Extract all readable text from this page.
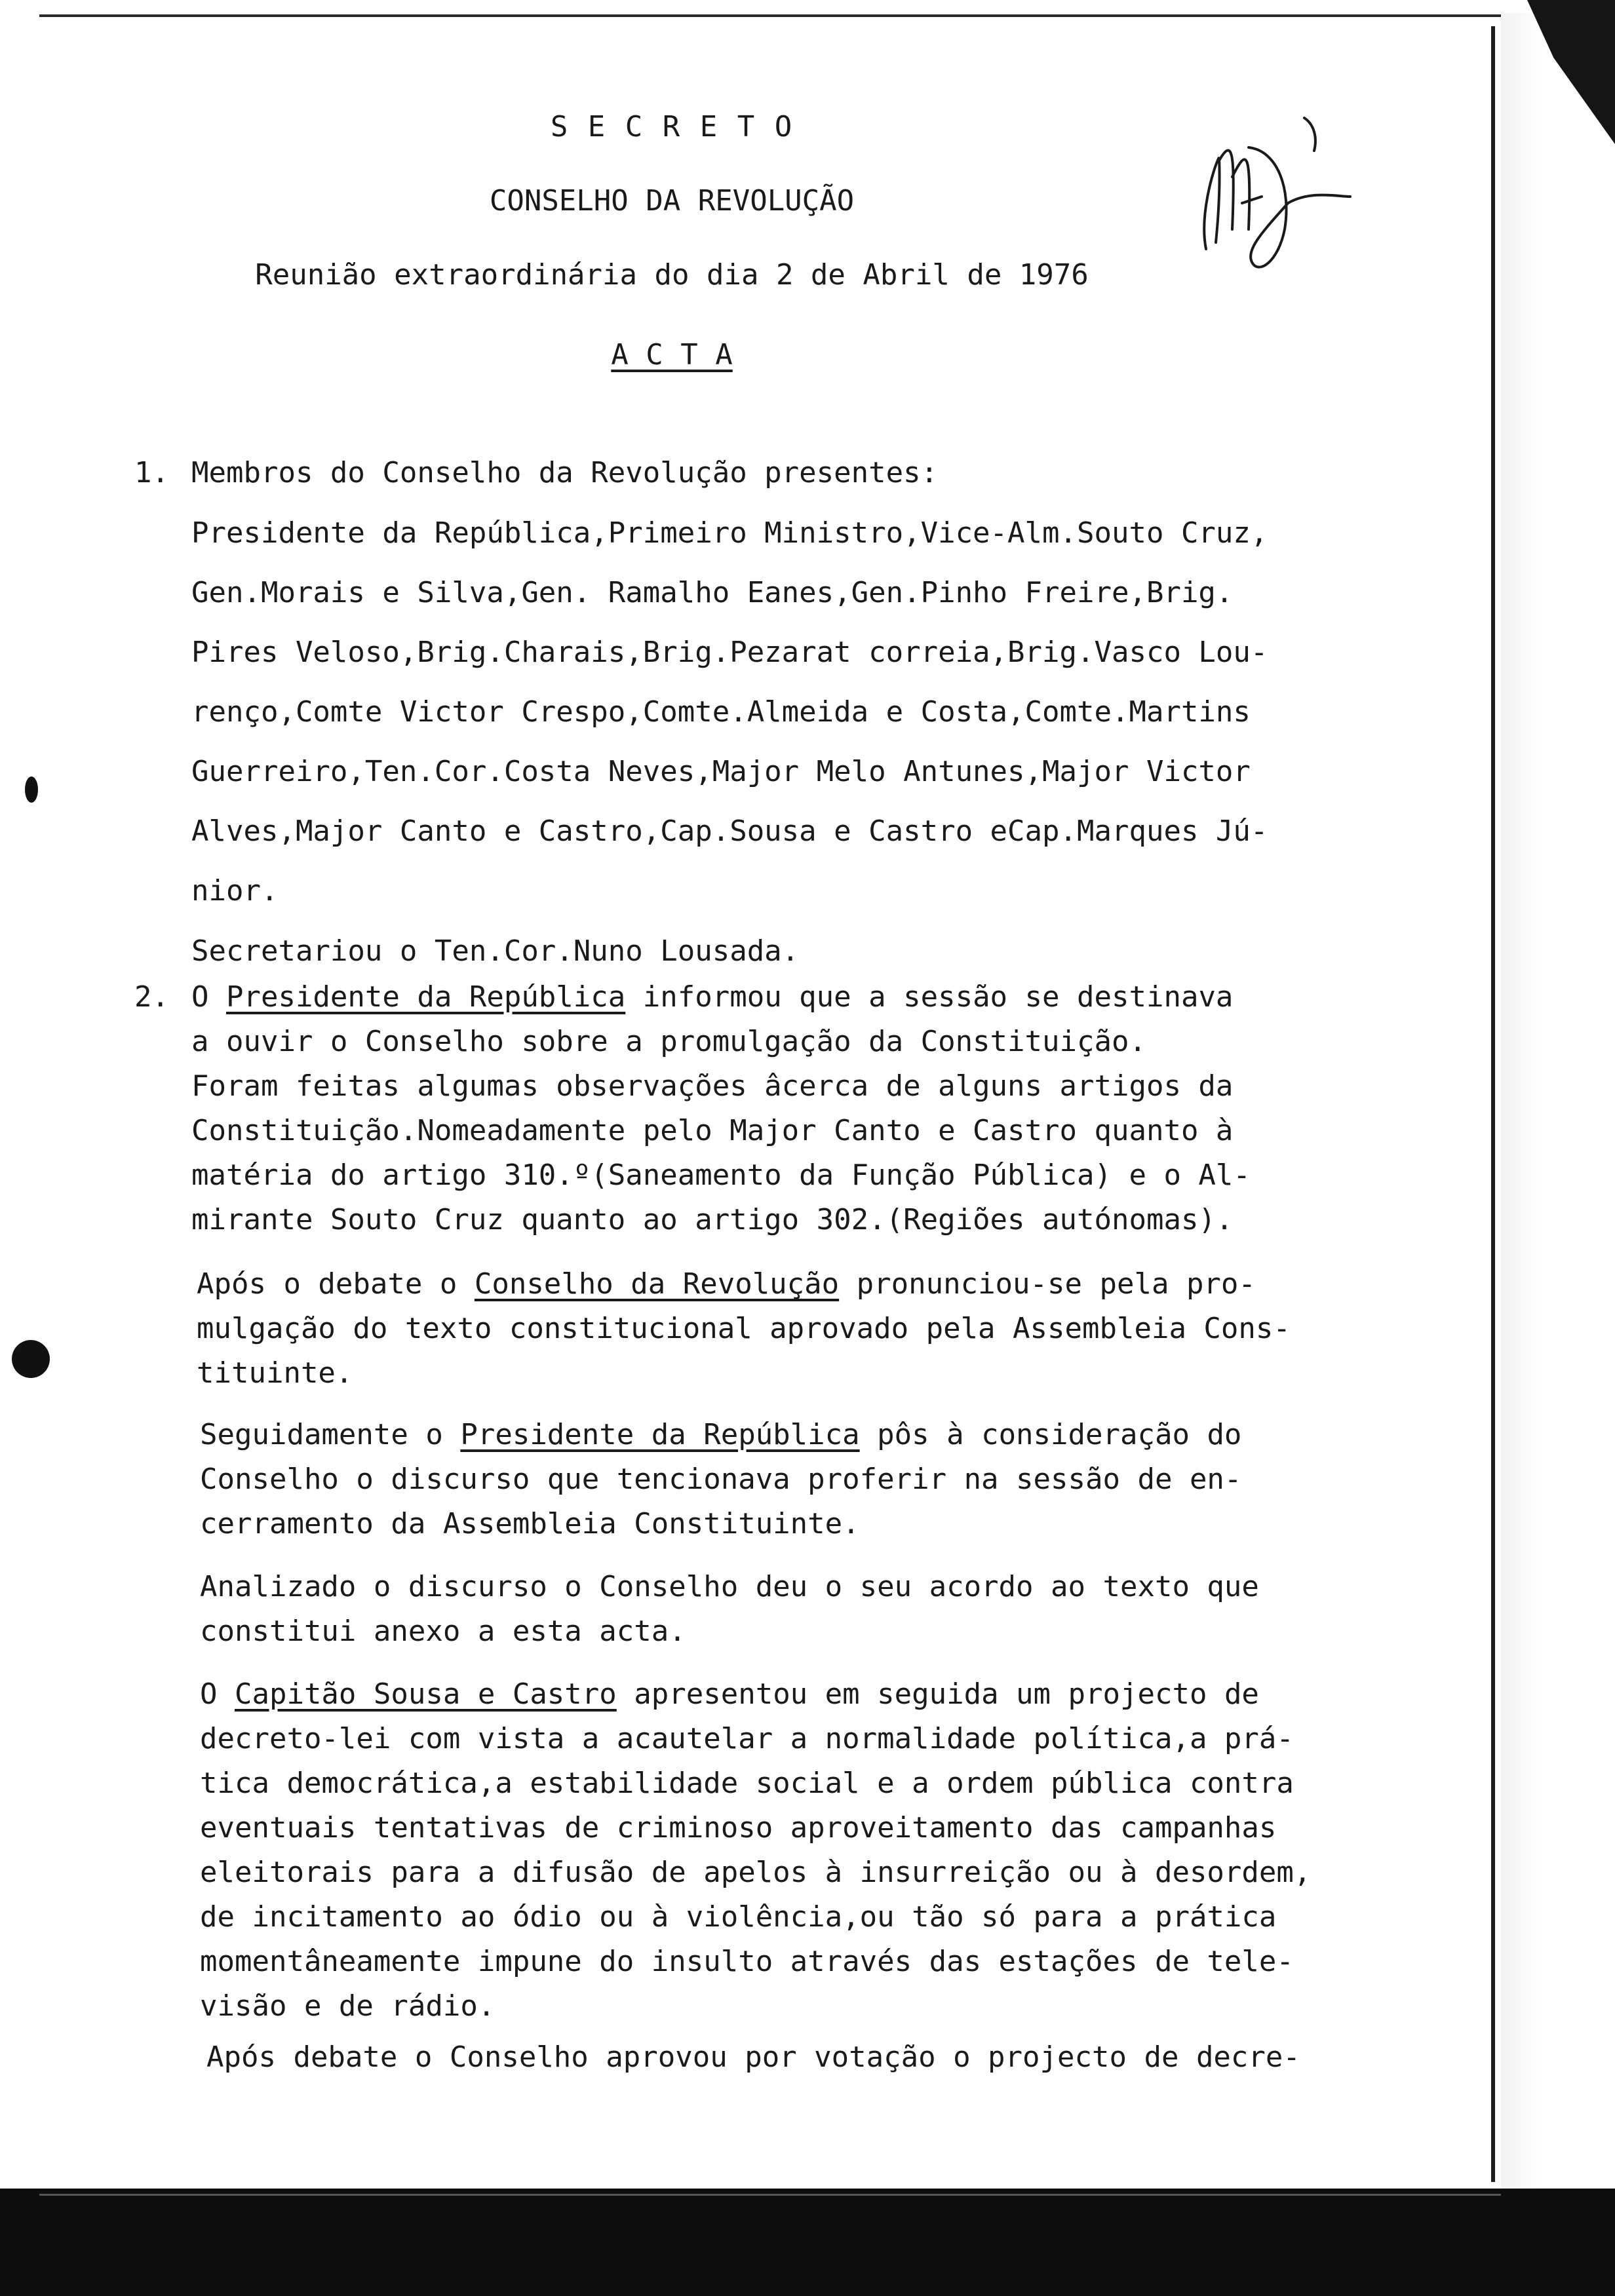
S E C R E T O
CONSELHO DA REVOLUÇÃO
Reunião extraordinária do dia 2 de Abril de 1976
A C T A
1. Membros do Conselho da Revolução presentes:
Presidente da República,Primeiro Ministro,Vice-Alm.Souto Cruz,
Gen.Morais e Silva,Gen. Ramalho Eanes,Gen.Pinho Freire,Brig.
Pires Veloso,Brig.Charais,Brig.Pezarat correia,Brig.Vasco Lou-
renço,Comte Victor Crespo,Comte.Almeida e Costa,Comte.Martins
Guerreiro,Ten.Cor.Costa Neves,Major Melo Antunes,Major Victor
Alves,Major Canto e Castro,Cap.Sousa e Castro eCap.Marques Jú-
nior.
Secretariou o Ten.Cor.Nuno Lousada.
2. O Presidente da República informou que a sessão se destinava
a ouvir o Conselho sobre a promulgação da Constituição.
Foram feitas algumas observações âcerca de alguns artigos da
Constituição.Nomeadamente pelo Major Canto e Castro quanto à
matéria do artigo 310.º(Saneamento da Função Pública) e o Al-
mirante Souto Cruz quanto ao artigo 302.(Regiões autónomas).
Após o debate o Conselho da Revolução pronunciou-se pela pro-
mulgação do texto constitucional aprovado pela Assembleia Cons-
tituinte.
Seguidamente o Presidente da República pôs à consideração do
Conselho o discurso que tencionava proferir na sessão de en-
cerramento da Assembleia Constituinte.
Analizado o discurso o Conselho deu o seu acordo ao texto que
constitui anexo a esta acta.
O Capitão Sousa e Castro apresentou em seguida um projecto de
decreto-lei com vista a acautelar a normalidade política,a prá-
tica democrática,a estabilidade social e a ordem pública contra
eventuais tentativas de criminoso aproveitamento das campanhas
eleitorais para a difusão de apelos à insurreição ou à desordem,
de incitamento ao ódio ou à violência,ou tão só para a prática
momentâneamente impune do insulto através das estações de tele-
visão e de rádio.
Após debate o Conselho aprovou por votação o projecto de decre-
